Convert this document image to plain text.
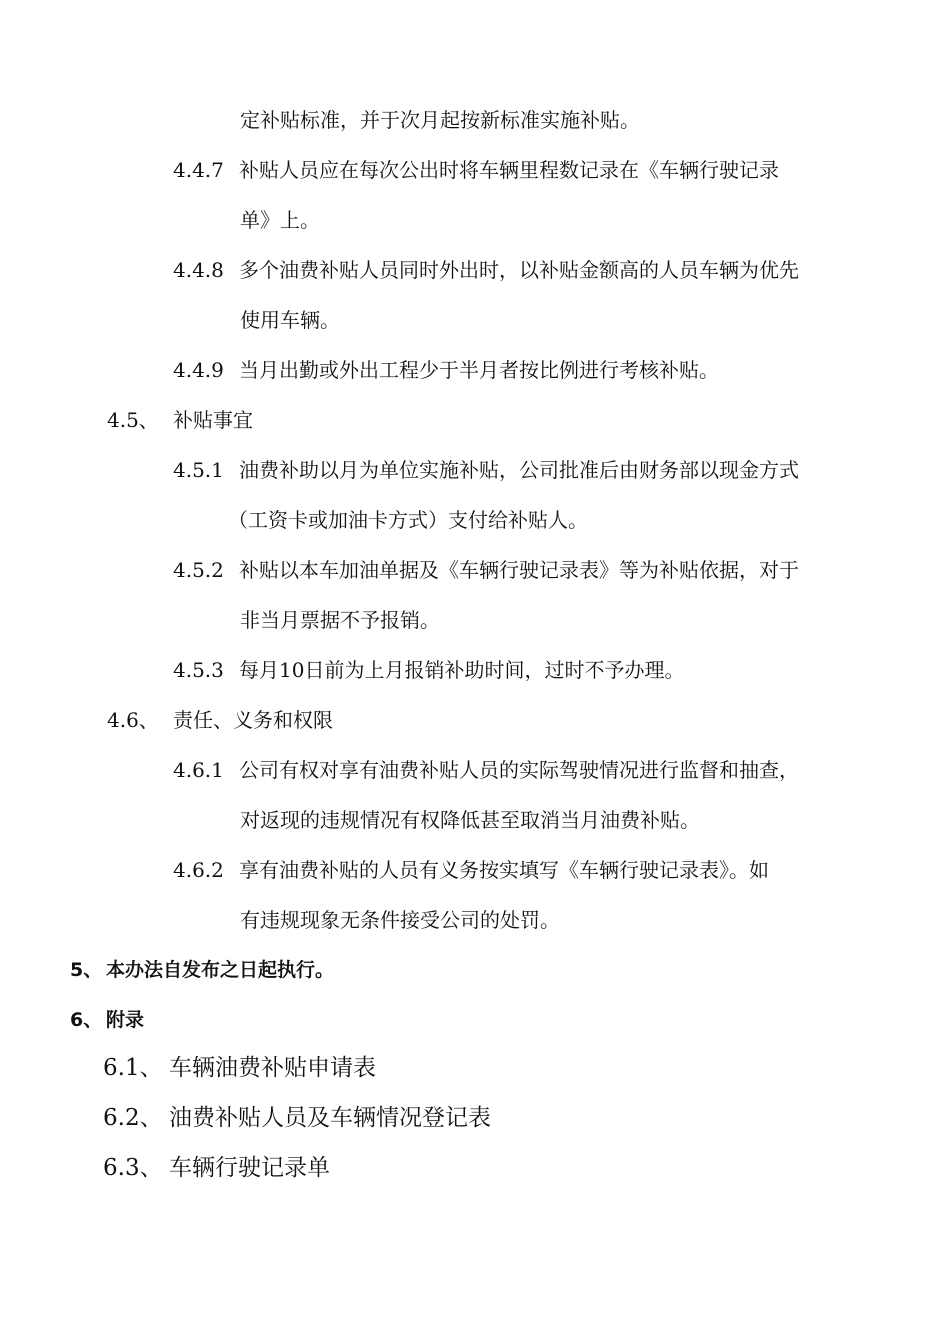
定补贴标准，并于次月起按新标准实施补贴。
4.4.7 补贴人员应在每次公出时将车辆里程数记录在《车辆行驶记录
单》上。
4.4.8 多个油费补贴人员同时外出时，以补贴金额高的人员车辆为优先
使用车辆。
4.4.9 当月出勤或外出工程少于半月者按比例进行考核补贴。
4.5、 补贴事宜
4.5.1 油费补助以月为单位实施补贴，公司批准后由财务部以现金方式
（工资卡或加油卡方式）支付给补贴人。
4.5.2 补贴以本车加油单据及《车辆行驶记录表》等为补贴依据，对于
非当月票据不予报销。
4.5.3 每月10日前为上月报销补助时间，过时不予办理。
4.6、 责任、义务和权限
4.6.1 公司有权对享有油费补贴人员的实际驾驶情况进行监督和抽查，
对返现的违规情况有权降低甚至取消当月油费补贴。
4.6.2 享有油费补贴的人员有义务按实填写《车辆行驶记录表》。如
有违规现象无条件接受公司的处罚。
5、 本办法自发布之日起执行。
6、 附录
6.1、 车辆油费补贴申请表
6.2、 油费补贴人员及车辆情况登记表
6.3、 车辆行驶记录单
